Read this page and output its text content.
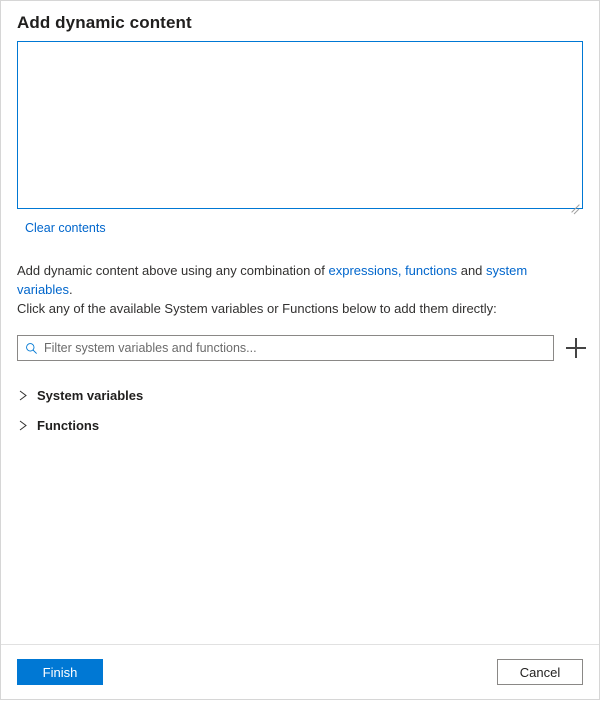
Add dynamic content
Clear contents
Add dynamic content above using any combination of expressions, functions and system variables.
Click any of the available System variables or Functions below to add them directly:
Filter system variables and functions...
System variables
Functions
Finish	Cancel
